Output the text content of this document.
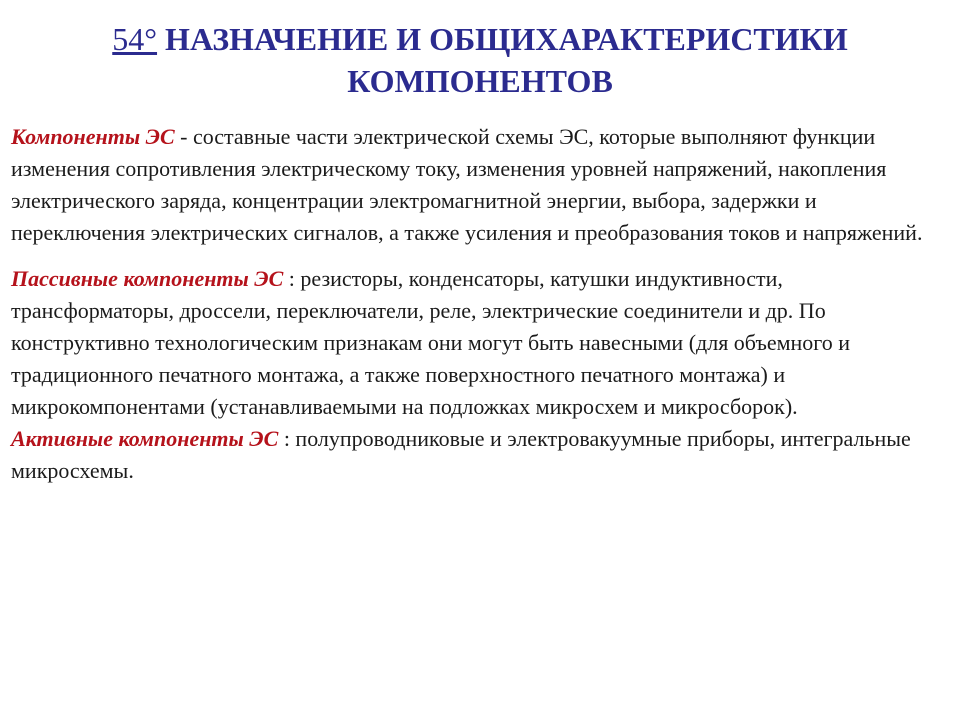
54° НАЗНАЧЕНИЕ И ОБЩИХАРАКТЕРИСТИКИ
КОМПОНЕНТОВ

Компоненты ЭС - составные части электрической схемы ЭС, которые выполняют функции изменения сопротивления электрическому току, изменения уровней напряжений, накопления электрического заряда, концентрации электромагнитной энергии, выбора, задержки и переключения электрических сигналов, а также усиления и преобразования токов и напряжений.

Пассивные компоненты ЭС : резисторы, конденсаторы, катушки индуктивности, трансформаторы, дроссели, переключатели, реле, электрические соединители и др. По конструктивно технологическим признакам они могут быть навесными (для объемного и традиционного печатного монтажа, а также поверхностного печатного монтажа) и микрокомпонентами (устанавливаемыми на подложках микросхем и микросборок).

Активные компоненты ЭС : полупроводниковые и электровакуумные приборы, интегральные микросхемы.
